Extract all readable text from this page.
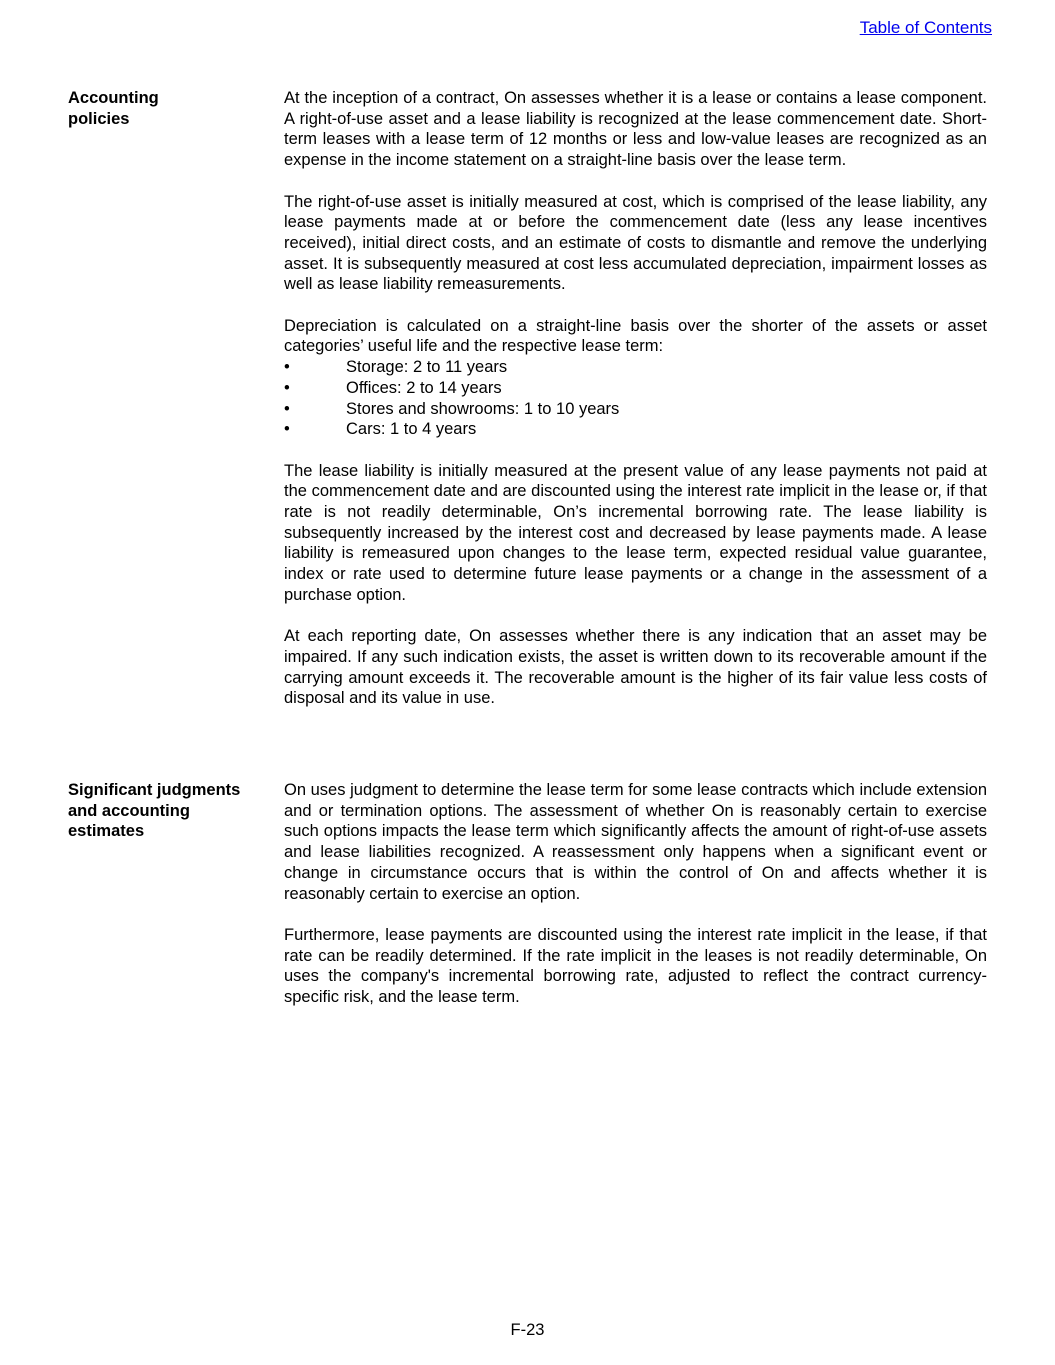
Table of Contents
Accounting policies

At the inception of a contract, On assesses whether it is a lease or contains a lease component. A right-of-use asset and a lease liability is recognized at the lease commencement date. Short-term leases with a lease term of 12 months or less and low-value leases are recognized as an expense in the income statement on a straight-line basis over the lease term.

The right-of-use asset is initially measured at cost, which is comprised of the lease liability, any lease payments made at or before the commencement date (less any lease incentives received), initial direct costs, and an estimate of costs to dismantle and remove the underlying asset. It is subsequently measured at cost less accumulated depreciation, impairment losses as well as lease liability remeasurements.

Depreciation is calculated on a straight-line basis over the shorter of the assets or asset categories’ useful life and the respective lease term:

•	Storage: 2 to 11 years
•	Offices: 2 to 14 years
•	Stores and showrooms: 1 to 10 years
•	Cars: 1 to 4 years

The lease liability is initially measured at the present value of any lease payments not paid at the commencement date and are discounted using the interest rate implicit in the lease or, if that rate is not readily determinable, On’s incremental borrowing rate. The lease liability is subsequently increased by the interest cost and decreased by lease payments made. A lease liability is remeasured upon changes to the lease term, expected residual value guarantee, index or rate used to determine future lease payments or a change in the assessment of a purchase option.

At each reporting date, On assesses whether there is any indication that an asset may be impaired. If any such indication exists, the asset is written down to its recoverable amount if the carrying amount exceeds it. The recoverable amount is the higher of its fair value less costs of disposal and its value in use.

Significant judgments and accounting estimates

On uses judgment to determine the lease term for some lease contracts which include extension and or termination options. The assessment of whether On is reasonably certain to exercise such options impacts the lease term which significantly affects the amount of right-of-use assets and lease liabilities recognized. A reassessment only happens when a significant event or change in circumstance occurs that is within the control of On and affects whether it is reasonably certain to exercise an option.

Furthermore, lease payments are discounted using the interest rate implicit in the lease, if that rate can be readily determined. If the rate implicit in the leases is not readily determinable, On uses the company's incremental borrowing rate, adjusted to reflect the contract currency-specific risk, and the lease term.

F-23
